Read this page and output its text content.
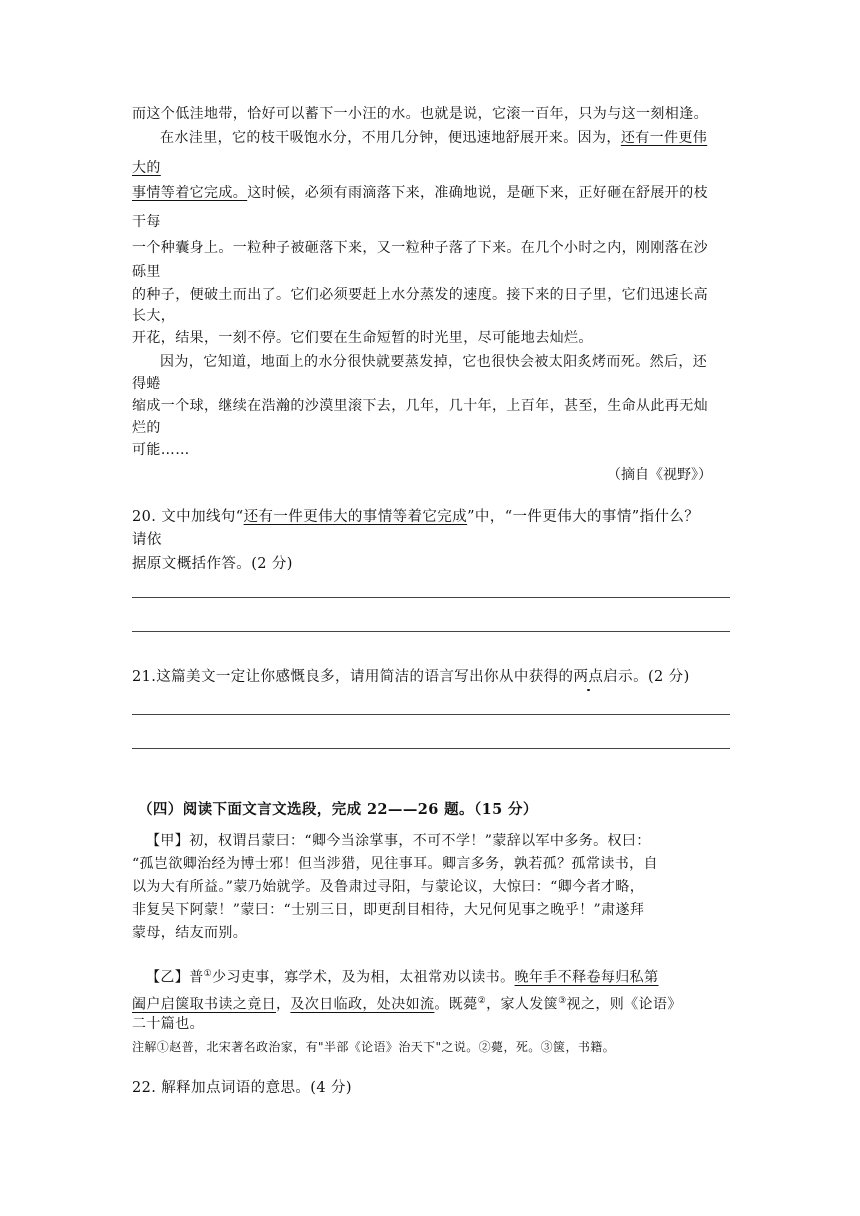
而这个低洼地带，恰好可以蓄下一小汪的水。也就是说，它滚一百年，只为与这一刻相逢。
在水洼里，它的枝干吸饱水分，不用几分钟，便迅速地舒展开来。因为，还有一件更伟
大的
事情等着它完成。这时候，必须有雨滴落下来，准确地说，是砸下来，正好砸在舒展开的枝
干每
一个种囊身上。一粒种子被砸落下来，又一粒种子落了下来。在几个小时之内，刚刚落在沙
砾里
的种子，便破土而出了。它们必须要赶上水分蒸发的速度。接下来的日子里，它们迅速长高
长大，
开花，结果，一刻不停。它们要在生命短暂的时光里，尽可能地去灿烂。
因为，它知道，地面上的水分很快就要蒸发掉，它也很快会被太阳炙烤而死。然后，还
得蜷
缩成一个球，继续在浩瀚的沙漠里滚下去，几年，几十年，上百年，甚至，生命从此再无灿
烂的
可能……
（摘自《视野》）
20. 文中加线句“还有一件更伟大的事情等着它完成”中，“一件更伟大的事情”指什么？
请依
据原文概括作答。(2 分)
21.这篇美文一定让你感慨良多，请用简洁的语言写出你从中获得的两点启示。(2 分)
（四）阅读下面文言文选段，完成 22——26 题。（15 分）
【甲】初，权谓吕蒙曰：“卿今当涂掌事，不可不学！”蒙辞以军中多务。权曰：
“孤岂欲卿治经为博士邪！但当涉猎，见往事耳。卿言多务，孰若孤？孤常读书，自
以为大有所益。”蒙乃始就学。及鲁肃过寻阳，与蒙论议，大惊曰：“卿今者才略，
非复吴下阿蒙！”蒙曰：“士别三日，即更刮目相待，大兄何见事之晚乎！”肃遂拜
蒙母，结友而别。
【乙】普①少习吏事，寡学术，及为相，太祖常劝以读书。晚年手不释卷每归私第
阖户启箧取书读之竟日，及次日临政，处决如流。既薨②，家人发箧③视之，则《论语》
二十篇也。
注解①赵普，北宋著名政治家，有"半部《论语》治天下"之说。②薨，死。③箧，书籍。
22. 解释加点词语的意思。(4 分)
